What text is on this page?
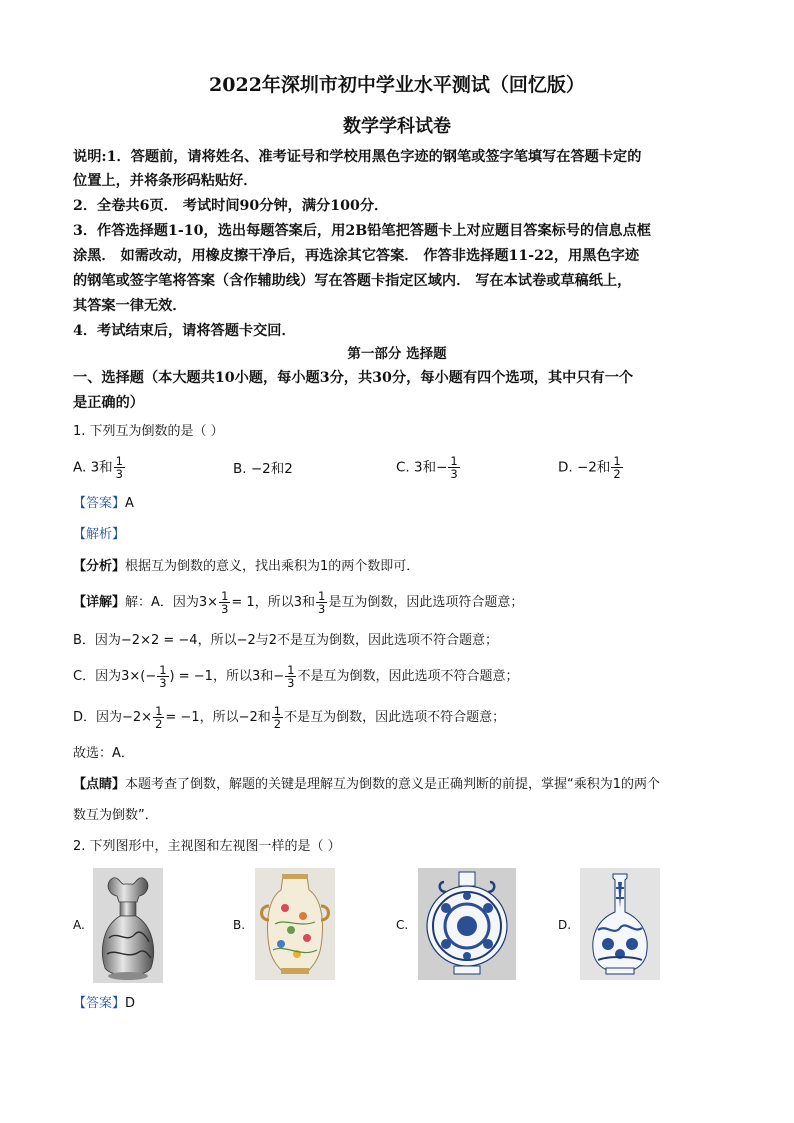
2022年深圳市初中学业水平测试（回忆版）
数学学科试卷
说明:1．答题前，请将姓名、准考证号和学校用黑色字迹的钢笔或签字笔填写在答题卡定的
位置上，并将条形码粘贴好．
2．全卷共6页． 考试时间90分钟，满分100分．
3．作答选择题1-10，选出每题答案后，用2B铅笔把答题卡上对应题目答案标号的信息点框
涂黑． 如需改动，用橡皮擦干净后，再选涂其它答案． 作答非选择题11-22，用黑色字迹
的钢笔或签字笔将答案（含作辅助线）写在答题卡指定区域内． 写在本试卷或草稿纸上，
其答案一律无效．
4．考试结束后，请将答题卡交回．
第一部分 选择题
一、选择题（本大题共10小题，每小题3分，共30分，每小题有四个选项，其中只有一个
是正确的）
1. 下列互为倒数的是（ ）
A. 3和 $\frac{1}{3}$	B. −2和2	C. 3和− $\frac{1}{3}$	D. −2和 $\frac{1}{2}$
【答案】A
【解析】
【分析】根据互为倒数的意义，找出乘积为1的两个数即可．
【详解】解：A．因为$3\times \frac{1}{3} = 1$，所以3和 $\frac{1}{3}$ 是互为倒数，因此选项符合题意；
B．因为−2×2 = −4，所以−2与2不是互为倒数，因此选项不符合题意；
C．因为$3\times(- \frac{1}{3}$ ) = −1，所以3和− $\frac{1}{3}$ 不是互为倒数，因此选项不符合题意；
D．因为$-2\times \frac{1}{2} = -1$，所以−2和 $\frac{1}{2}$ 不是互为倒数，因此选项不符合题意；
故选：A．
【点睛】本题考查了倒数，解题的关键是理解互为倒数的意义是正确判断的前提，掌握“乘积为1的两个
数互为倒数”．
2. 下列图形中，主视图和左视图一样的是（ ）
A.	B.	C.	D.
【答案】D
